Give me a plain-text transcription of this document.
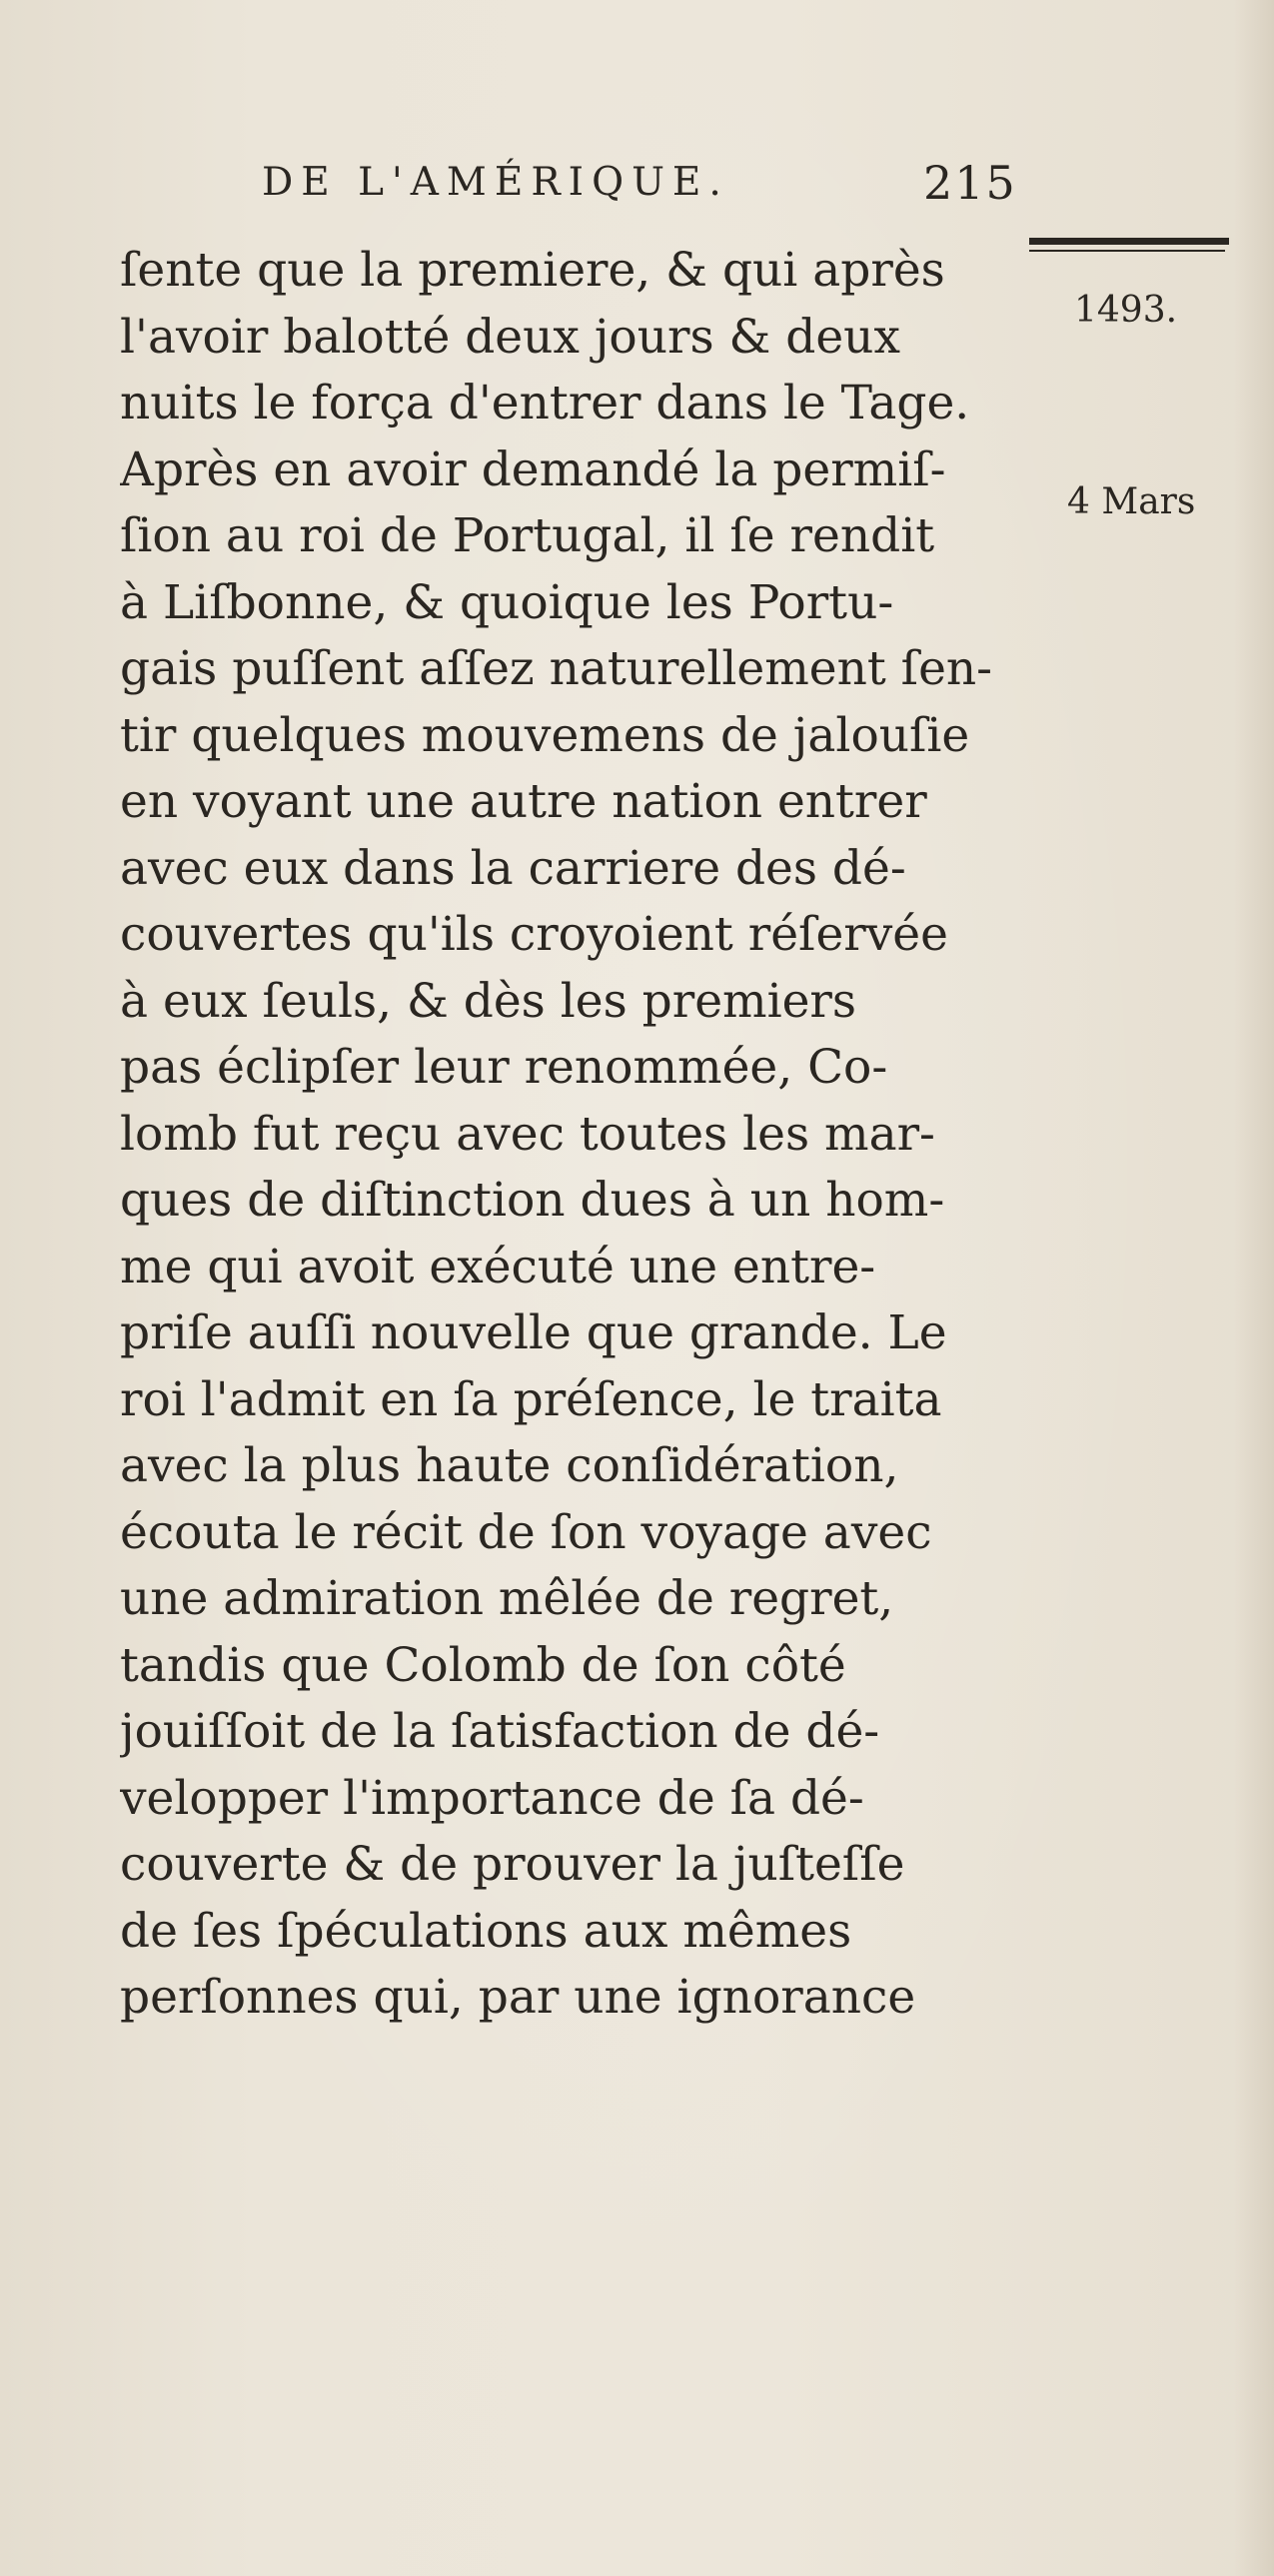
DE L'AMÉRIQUE.	215
1493.
4 Mars
ſente que la premiere, & qui après
l'avoir balotté deux jours & deux
nuits le força d'entrer dans le Tage.
Après en avoir demandé la permiſ-
ſion au roi de Portugal, il ſe rendit
à Liſbonne, & quoique les Portu-
gais puſſent aſſez naturellement ſen-
tir quelques mouvemens de jalouſie
en voyant une autre nation entrer
avec eux dans la carriere des dé-
couvertes qu'ils croyoient réſervée
à eux ſeuls, & dès les premiers
pas éclipſer leur renommée, Co-
lomb fut reçu avec toutes les mar-
ques de diſtinction dues à un hom-
me qui avoit exécuté une entre-
priſe auſſi nouvelle que grande. Le
roi l'admit en ſa préſence, le traita
avec la plus haute conſidération,
écouta le récit de ſon voyage avec
une admiration mêlée de regret,
tandis que Colomb de ſon côté
jouiſſoit de la ſatisfaction de dé-
velopper l'importance de ſa dé-
couverte & de prouver la juſteſſe
de ſes ſpéculations aux mêmes
perſonnes qui, par une ignorance
